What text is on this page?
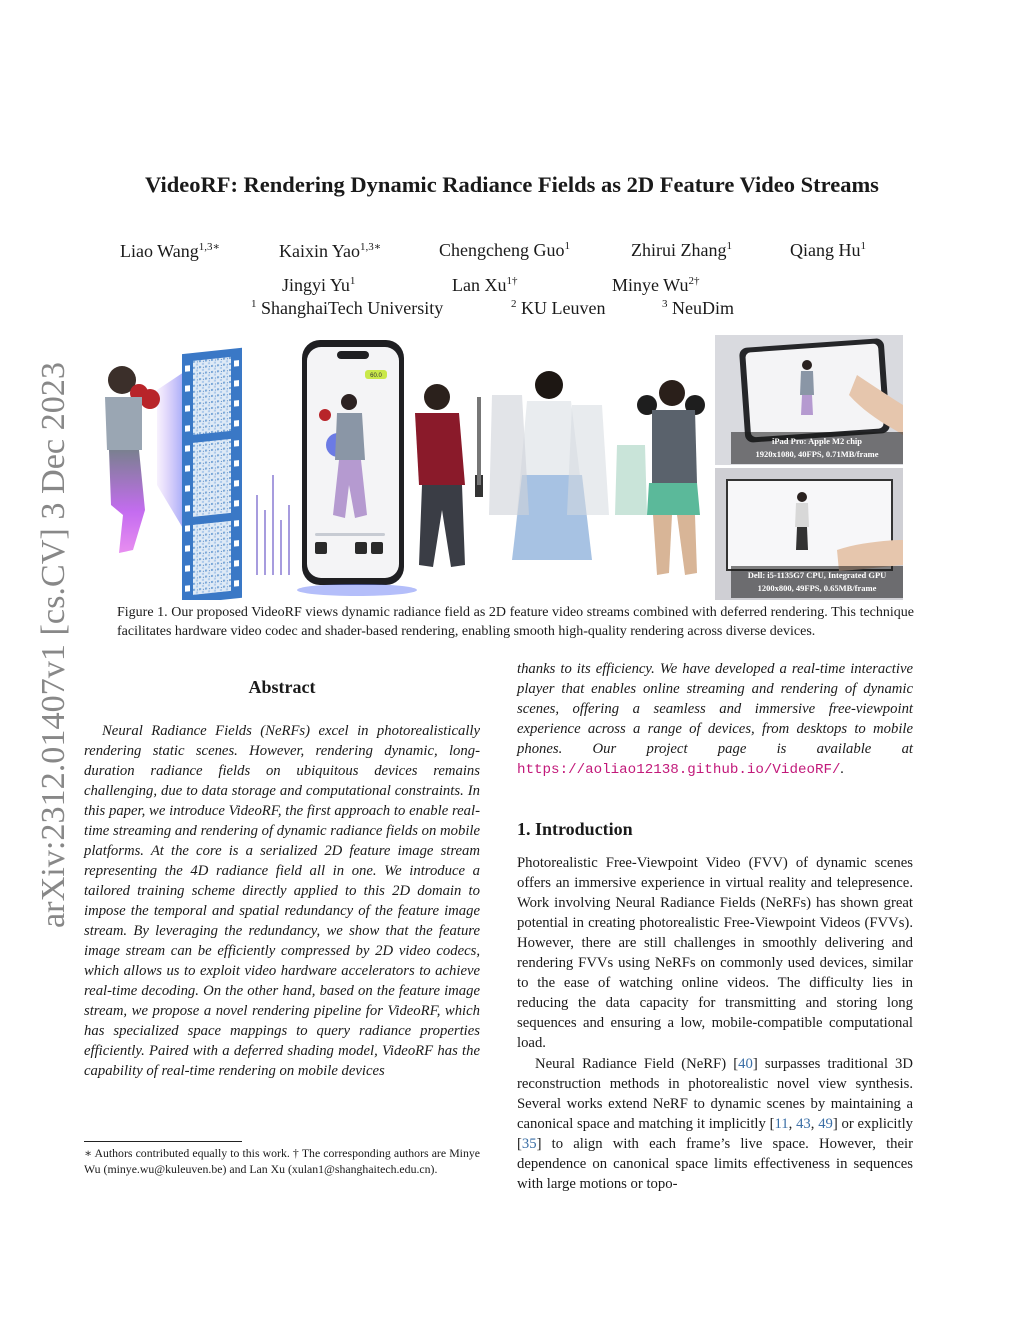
arXiv:2312.01407v1 [cs.CV] 3 Dec 2023
VideoRF: Rendering Dynamic Radiance Fields as 2D Feature Video Streams
Liao Wang$^{1,3∗}$	Kaixin Yao$^{1,3∗}$	Chengcheng Guo$^1$	Zhirui Zhang$^1$	Qiang Hu$^1$
Jingyi Yu$^1$	Lan $Xu^{1\dagger}$	Minye $Wu^{2\dagger}$
$^1$ ShanghaiTech University	$^2$ KU Leuven	$^3$ NeuDim
60.0
iPad Pro: Apple M2 chip
1920x1080, 40FPS, 0.71MB/frame
Dell: i5-1135G7 CPU, Integrated GPU
1200x800, 49FPS, 0.65MB/frame
Figure 1. Our proposed VideoRF views dynamic radiance field as 2D feature video streams combined with deferred rendering. This technique facilitates hardware video codec and shader-based rendering, enabling smooth high-quality rendering across diverse devices.
Abstract
Neural Radiance Fields (NeRFs) excel in photorealistically rendering static scenes. However, rendering dynamic, long-duration radiance fields on ubiquitous devices remains challenging, due to data storage and computational constraints. In this paper, we introduce VideoRF, the first approach to enable real-time streaming and rendering of dynamic radiance fields on mobile platforms. At the core is a serialized 2D feature image stream representing the 4D radiance field all in one. We introduce a tailored training scheme directly applied to this 2D domain to impose the temporal and spatial redundancy of the feature image stream. By leveraging the redundancy, we show that the feature image stream can be efficiently compressed by 2D video codecs, which allows us to exploit video hardware accelerators to achieve real-time decoding. On the other hand, based on the feature image stream, we propose a novel rendering pipeline for VideoRF, which has specialized space mappings to query radiance properties efficiently. Paired with a deferred shading model, VideoRF has the capability of real-time rendering on mobile devices
∗ Authors contributed equally to this work. † The corresponding authors are Minye Wu (minye.wu@kuleuven.be) and Lan Xu (xulan1@shanghaitech.edu.cn).
thanks to its efficiency. We have developed a real-time interactive player that enables online streaming and rendering of dynamic scenes, offering a seamless and immersive free-viewpoint experience across a range of devices, from desktops to mobile phones. Our project page is available at https://aoliao12138.github.io/VideoRF/.
1. Introduction
Photorealistic Free-Viewpoint Video (FVV) of dynamic scenes offers an immersive experience in virtual reality and telepresence. Work involving Neural Radiance Fields (NeRFs) has shown great potential in creating photorealistic Free-Viewpoint Videos (FVVs). However, there are still challenges in smoothly delivering and rendering FVVs using NeRFs on commonly used devices, similar to the ease of watching online videos. The difficulty lies in reducing the data capacity for transmitting and storing long sequences and ensuring a low, mobile-compatible computational load.
Neural Radiance Field (NeRF) [40] surpasses traditional 3D reconstruction methods in photorealistic novel view synthesis. Several works extend NeRF to dynamic scenes by maintaining a canonical space and matching it implicitly [11, 43, 49] or explicitly [35] to align with each frame’s live space. However, their dependence on canonical space limits effectiveness in sequences with large motions or topo-
